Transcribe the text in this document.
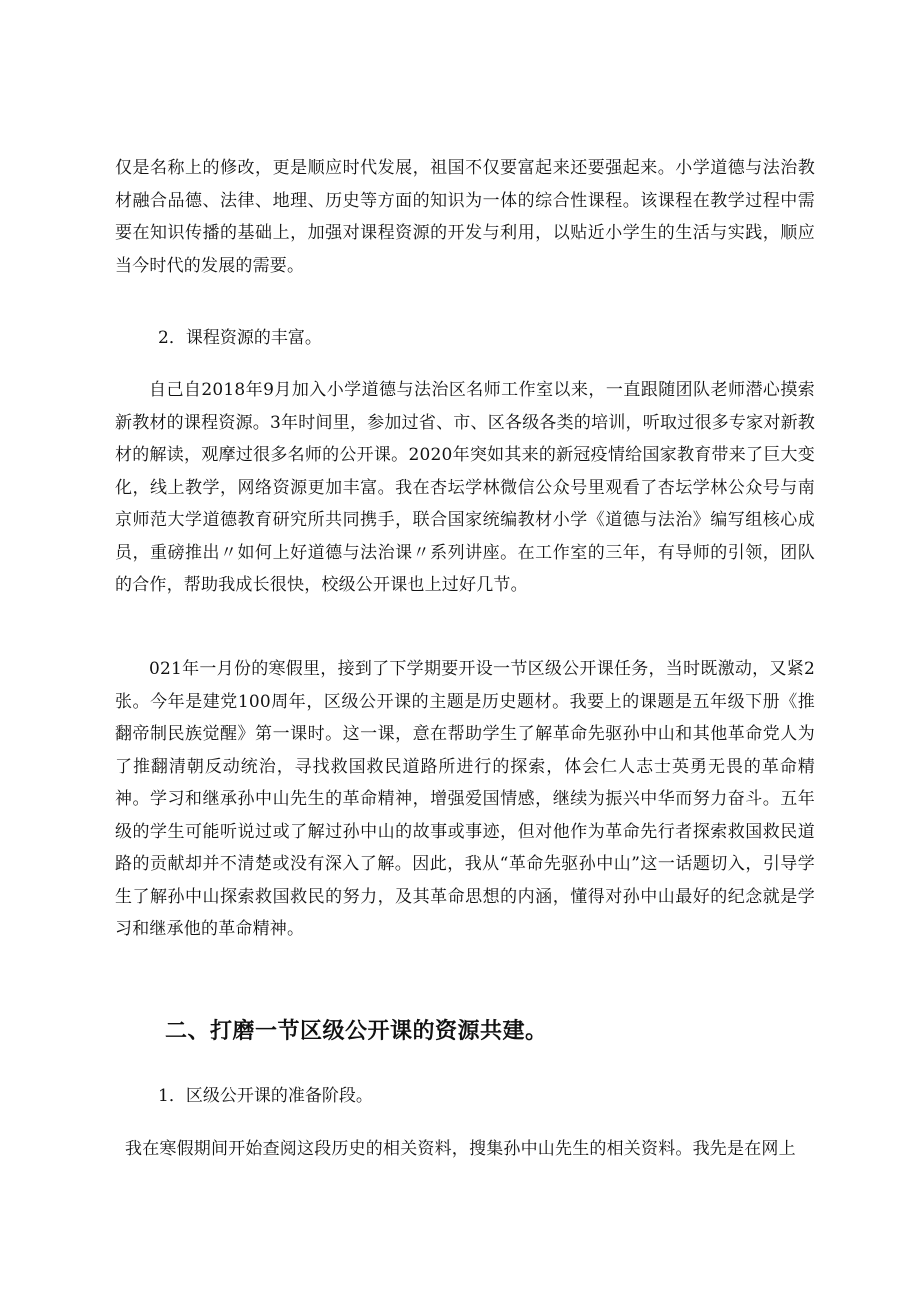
仅是名称上的修改，更是顺应时代发展，祖国不仅要富起来还要强起来。小学道德与法治教材融合品德、法律、地理、历史等方面的知识为一体的综合性课程。该课程在教学过程中需要在知识传播的基础上，加强对课程资源的开发与利用，以贴近小学生的生活与实践，顺应当今时代的发展的需要。

2．课程资源的丰富。

自己自2018年9月加入小学道德与法治区名师工作室以来，一直跟随团队老师潜心摸索新教材的课程资源。3年时间里，参加过省、市、区各级各类的培训，听取过很多专家对新教材的解读，观摩过很多名师的公开课。2020年突如其来的新冠疫情给国家教育带来了巨大变化，线上教学，网络资源更加丰富。我在杏坛学林微信公众号里观看了杏坛学林公众号与南京师范大学道德教育研究所共同携手，联合国家统编教材小学《道德与法治》编写组核心成员，重磅推出〃如何上好道德与法治课〃系列讲座。在工作室的三年，有导师的引领，团队的合作，帮助我成长很快，校级公开课也上过好几节。

021年一月份的寒假里，接到了下学期要开设一节区级公开课任务，当时既激动，又紧2张。今年是建党100周年，区级公开课的主题是历史题材。我要上的课题是五年级下册《推翻帝制民族觉醒》第一课时。这一课，意在帮助学生了解革命先驱孙中山和其他革命党人为了推翻清朝反动统治，寻找救国救民道路所进行的探索，体会仁人志士英勇无畏的革命精神。学习和继承孙中山先生的革命精神，增强爱国情感，继续为振兴中华而努力奋斗。五年级的学生可能听说过或了解过孙中山的故事或事迹，但对他作为革命先行者探索救国救民道路的贡献却并不清楚或没有深入了解。因此，我从“革命先驱孙中山”这一话题切入，引导学生了解孙中山探索救国救民的努力，及其革命思想的内涵，懂得对孙中山最好的纪念就是学习和继承他的革命精神。

二、打磨一节区级公开课的资源共建。

1．区级公开课的准备阶段。

我在寒假期间开始查阅这段历史的相关资料，搜集孙中山先生的相关资料。我先是在网上
